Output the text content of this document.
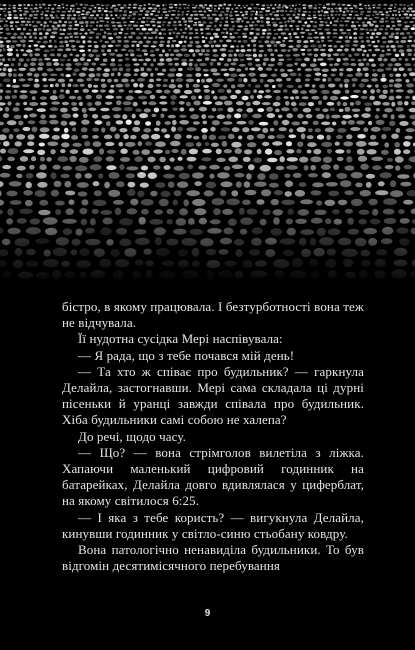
бістро, в якому працювала. І безтурботності вона теж не відчувала.

Її нудотна сусідка Мері наспівувала:

— Я рада, що з тебе почався мій день!

— Та хто ж співає про будильник? — гаркнула Делайла, застогнавши. Мері сама складала ці дурні пісеньки й уранці завжди співала про будильник. Хіба будильники самі собою не халепа?

До речі, щодо часу.

— Що? — вона стрімголов вилетіла з ліжка. Хапаючи маленький цифровий годинник на батарейках, Делайла довго вдивлялася у циферблат, на якому світилося 6:25.

— І яка з тебе користь? — вигукнула Делайла, кинувши годинник у світло-синю стьобану ковдру.

Вона патологічно ненавиділа будильники. То був відгомін десятимісячного перебування

9
